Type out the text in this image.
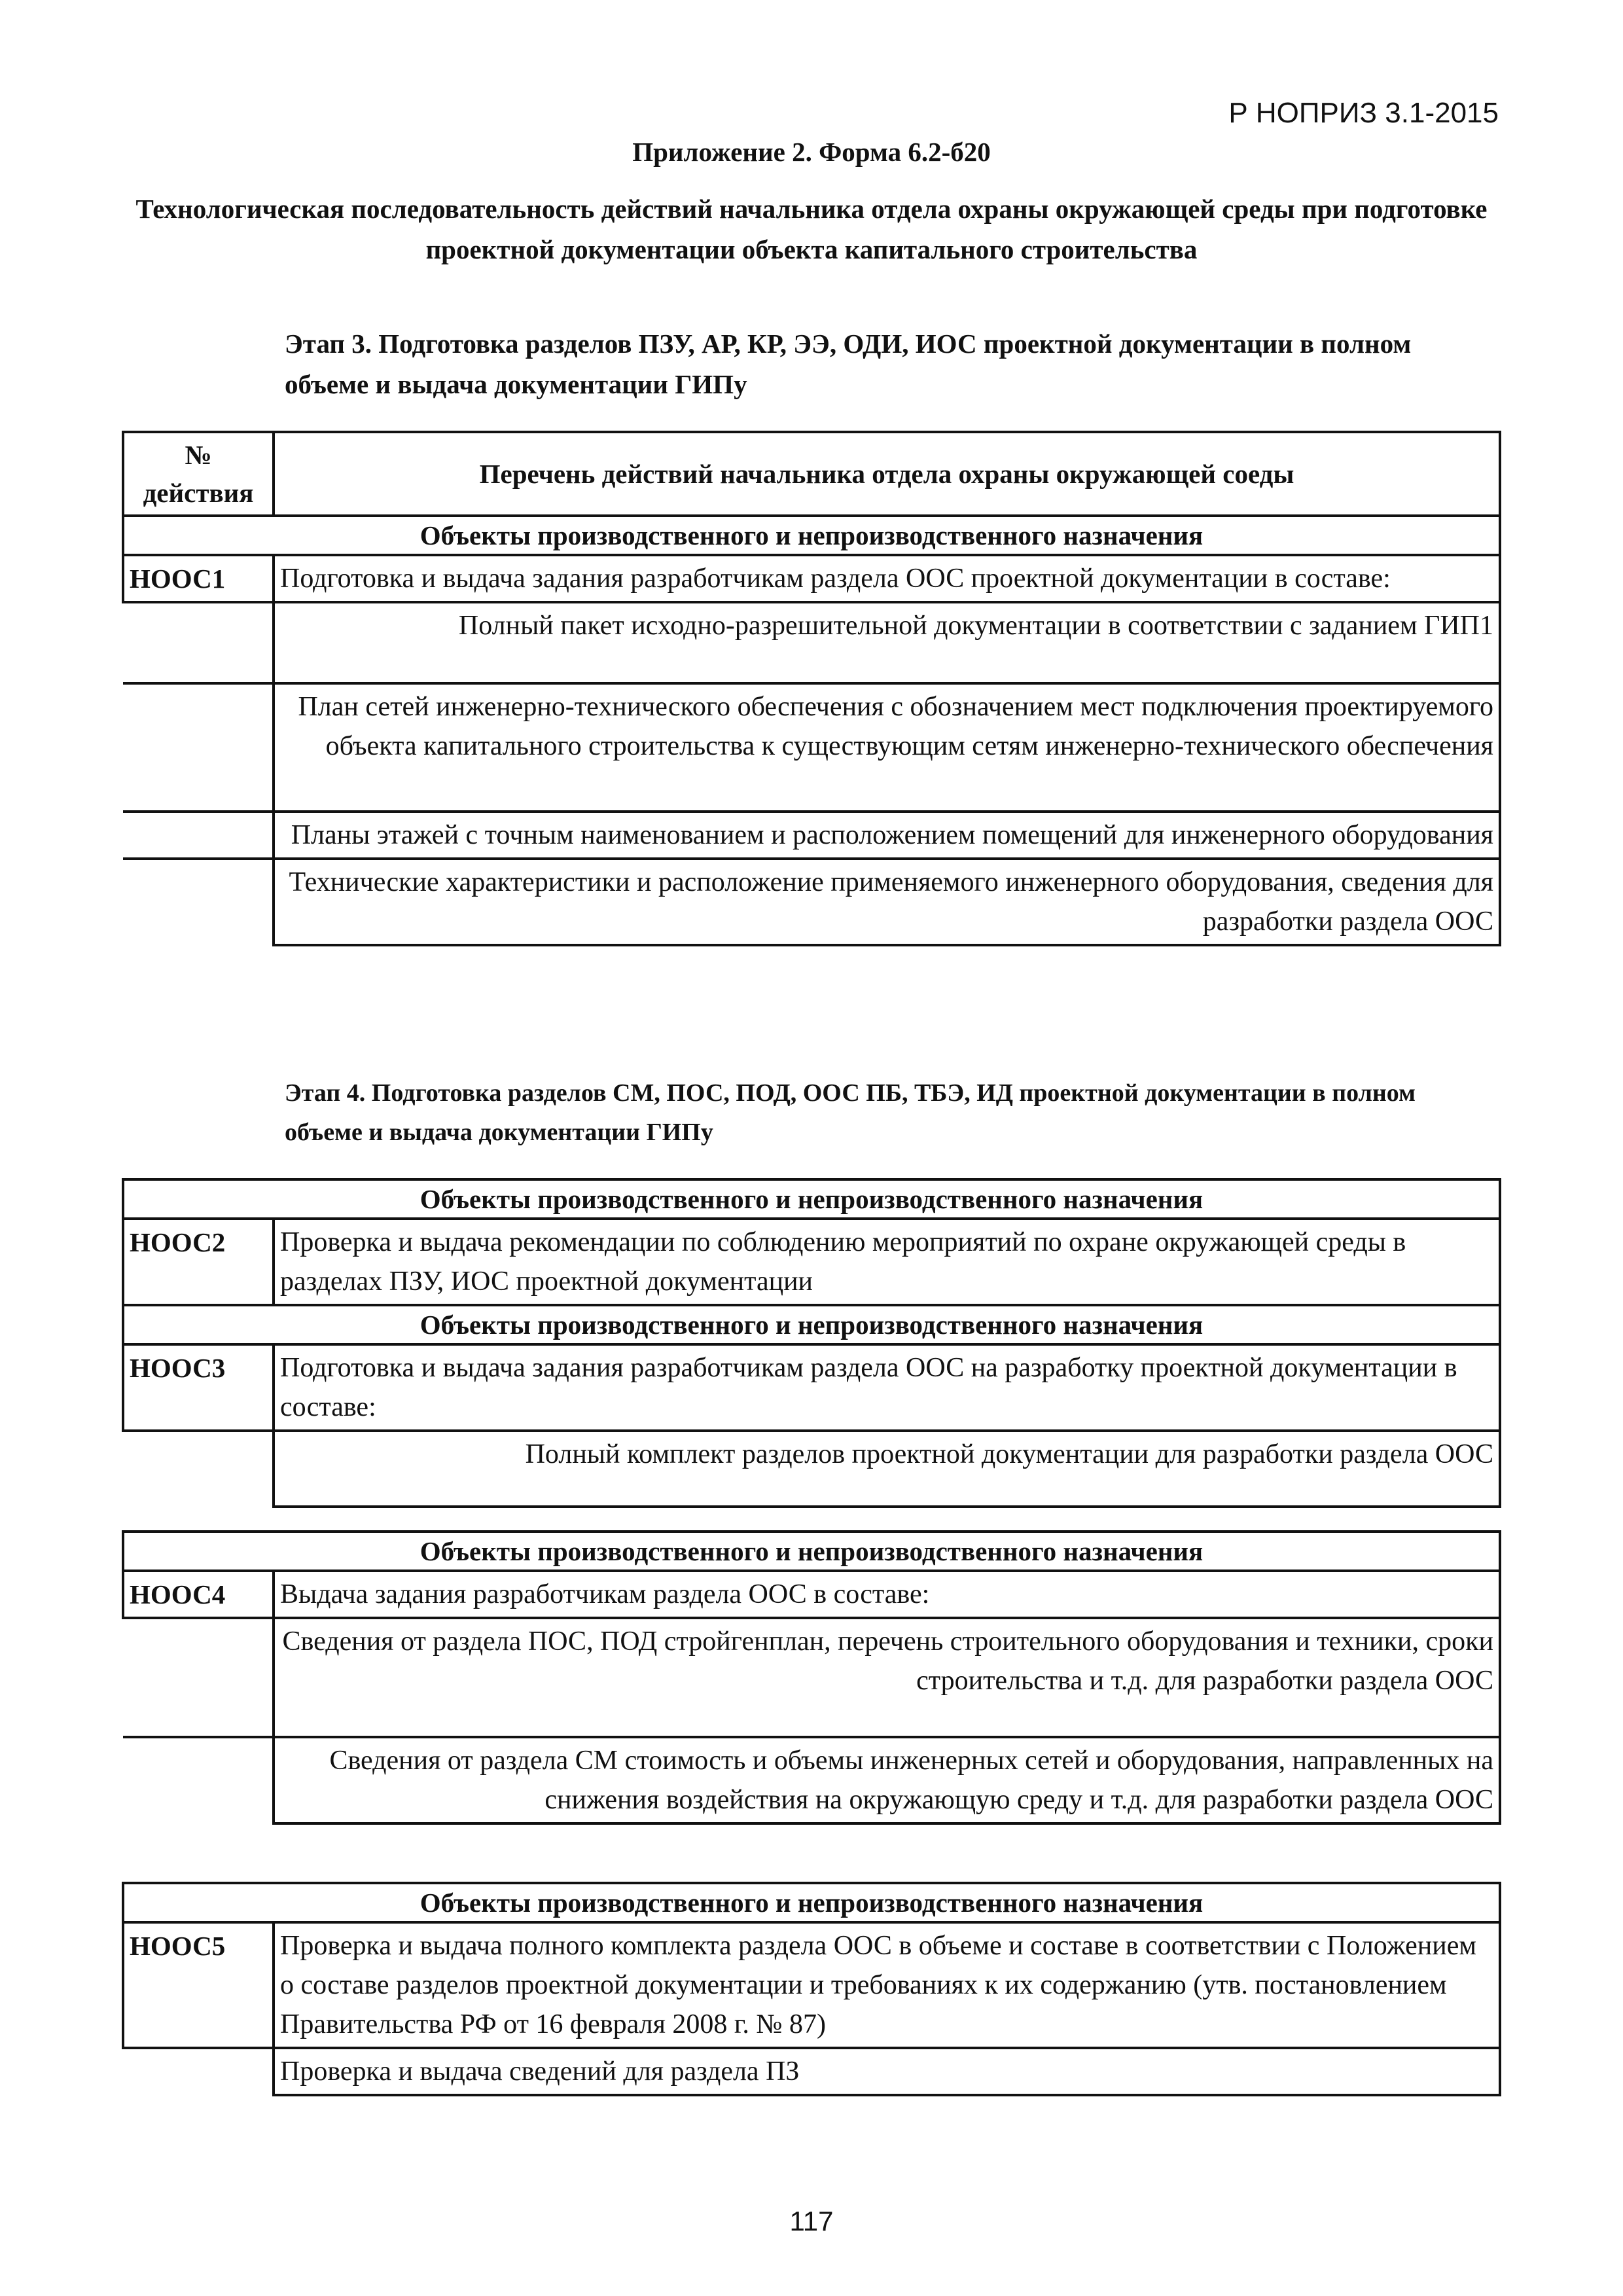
Р НОПРИЗ 3.1-2015
Приложение 2. Форма 6.2-б20
Технологическая последовательность действий начальника отдела охраны окружающей среды при подготовке проектной документации объекта капитального строительства
Этап 3. Подготовка разделов ПЗУ, АР, КР, ЭЭ, ОДИ, ИОС проектной документации в полном объеме и выдача документации ГИПу
№ действия	Перечень действий начальника отдела охраны окружающей соеды
Объекты производственного и непроизводственного назначения	
НООС1	Подготовка и выдача задания разработчикам раздела ООС проектной документации в составе:
	Полный пакет исходно-разрешительной документации в соответствии с заданием ГИП1
	План сетей инженерно-технического обеспечения с обозначением мест подключения проектируемого объекта капитального строительства к существующим сетям инженерно-технического обеспечения
	Планы этажей с точным наименованием и расположением помещений для инженерного оборудования
	Технические характеристики и расположение применяемого инженерного оборудования, сведения для разработки раздела ООС
Этап 4. Подготовка разделов СМ, ПОС, ПОД, ООС ПБ, ТБЭ, ИД проектной документации в полном объеме и выдача документации ГИПу
Объекты производственного и непроизводственного назначения	
НООС2	Проверка и выдача рекомендации по соблюдению мероприятий по охране окружающей среды в разделах ПЗУ, ИОС проектной документации
Объекты производственного и непроизводственного назначения	
НООС3	Подготовка и выдача задания разработчикам раздела ООС на разработку проектной документации в составе:
	Полный комплект разделов проектной документации для разработки раздела ООС
Объекты производственного и непроизводственного назначения	
НООС4	Выдача задания разработчикам раздела ООС в составе:
	Сведения от раздела ПОС, ПОД стройгенплан, перечень строительного оборудования и техники, сроки строительства и т.д. для разработки раздела ООС
	Сведения от раздела СМ стоимость и объемы инженерных сетей и оборудования, направленных на снижения воздействия на окружающую среду и т.д. для разработки раздела ООС
Объекты производственного и непроизводственного назначения	
НООС5	Проверка и выдача полного комплекта раздела ООС в объеме и составе в соответствии с Положением о составе разделов проектной документации и требованиях к их содержанию (утв. постановлением Правительства РФ от 16 февраля 2008 г. № 87)
	Проверка и выдача сведений для раздела ПЗ
117
